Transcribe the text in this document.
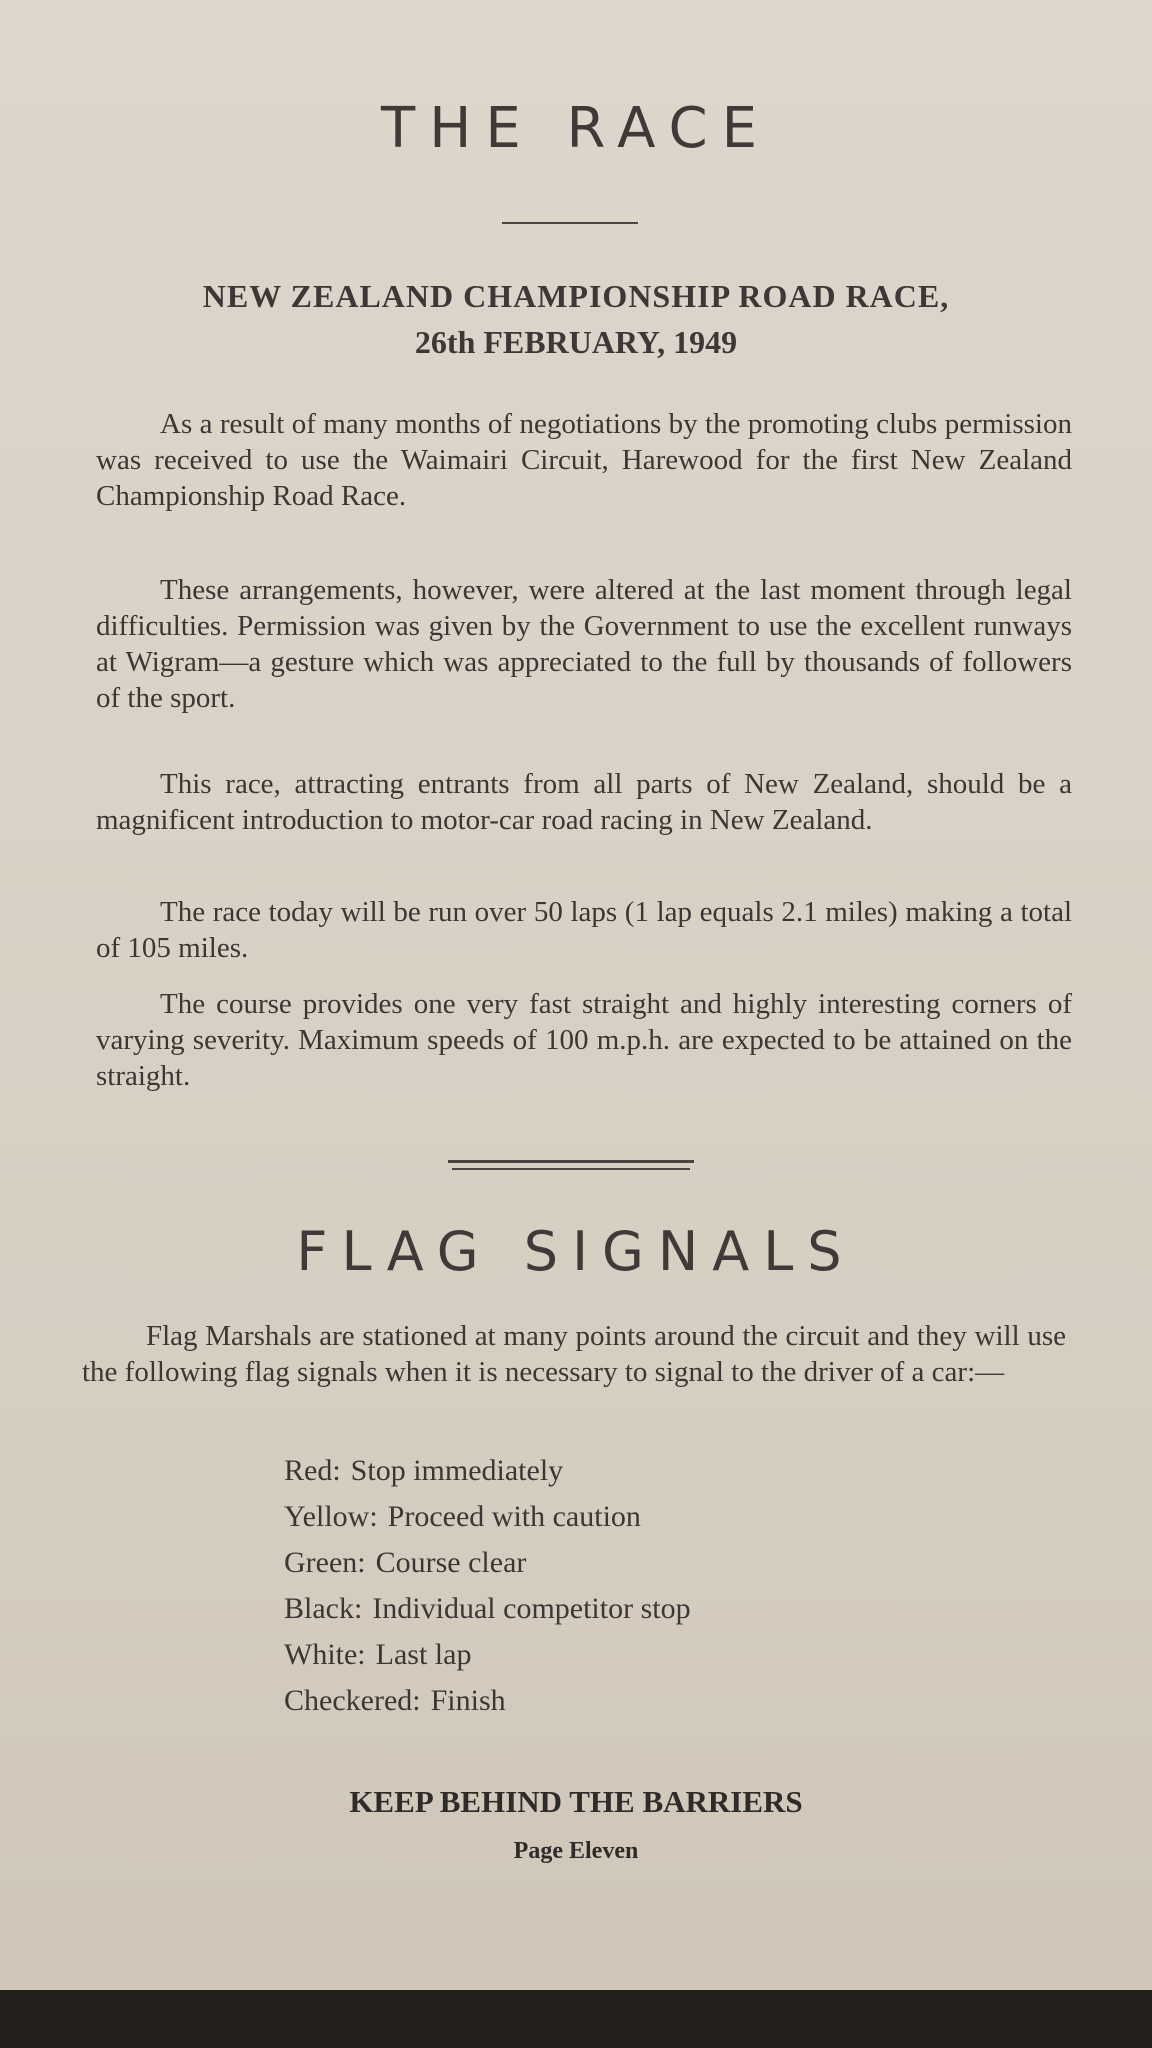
THE RACE

NEW ZEALAND CHAMPIONSHIP ROAD RACE,

26th FEBRUARY, 1949

As a result of many months of negotiations by the promoting clubs permission was received to use the Waimairi Circuit, Harewood for the first New Zealand Championship Road Race.

These arrangements, however, were altered at the last moment through legal difficulties. Permission was given by the Government to use the excellent runways at Wigram—a gesture which was appreciated to the full by thousands of followers of the sport.

This race, attracting entrants from all parts of New Zealand, should be a magnificent introduction to motor-car road racing in New Zealand.

The race today will be run over 50 laps (1 lap equals 2.1 miles) making a total of 105 miles.

The course provides one very fast straight and highly interesting corners of varying severity. Maximum speeds of 100 m.p.h. are expected to be attained on the straight.

FLAG SIGNALS

Flag Marshals are stationed at many points around the circuit and they will use the following flag signals when it is necessary to signal to the driver of a car:—

Red: Stop immediately
Yellow: Proceed with caution
Green: Course clear
Black: Individual competitor stop
White: Last lap
Checkered: Finish

KEEP BEHIND THE BARRIERS

Page Eleven
